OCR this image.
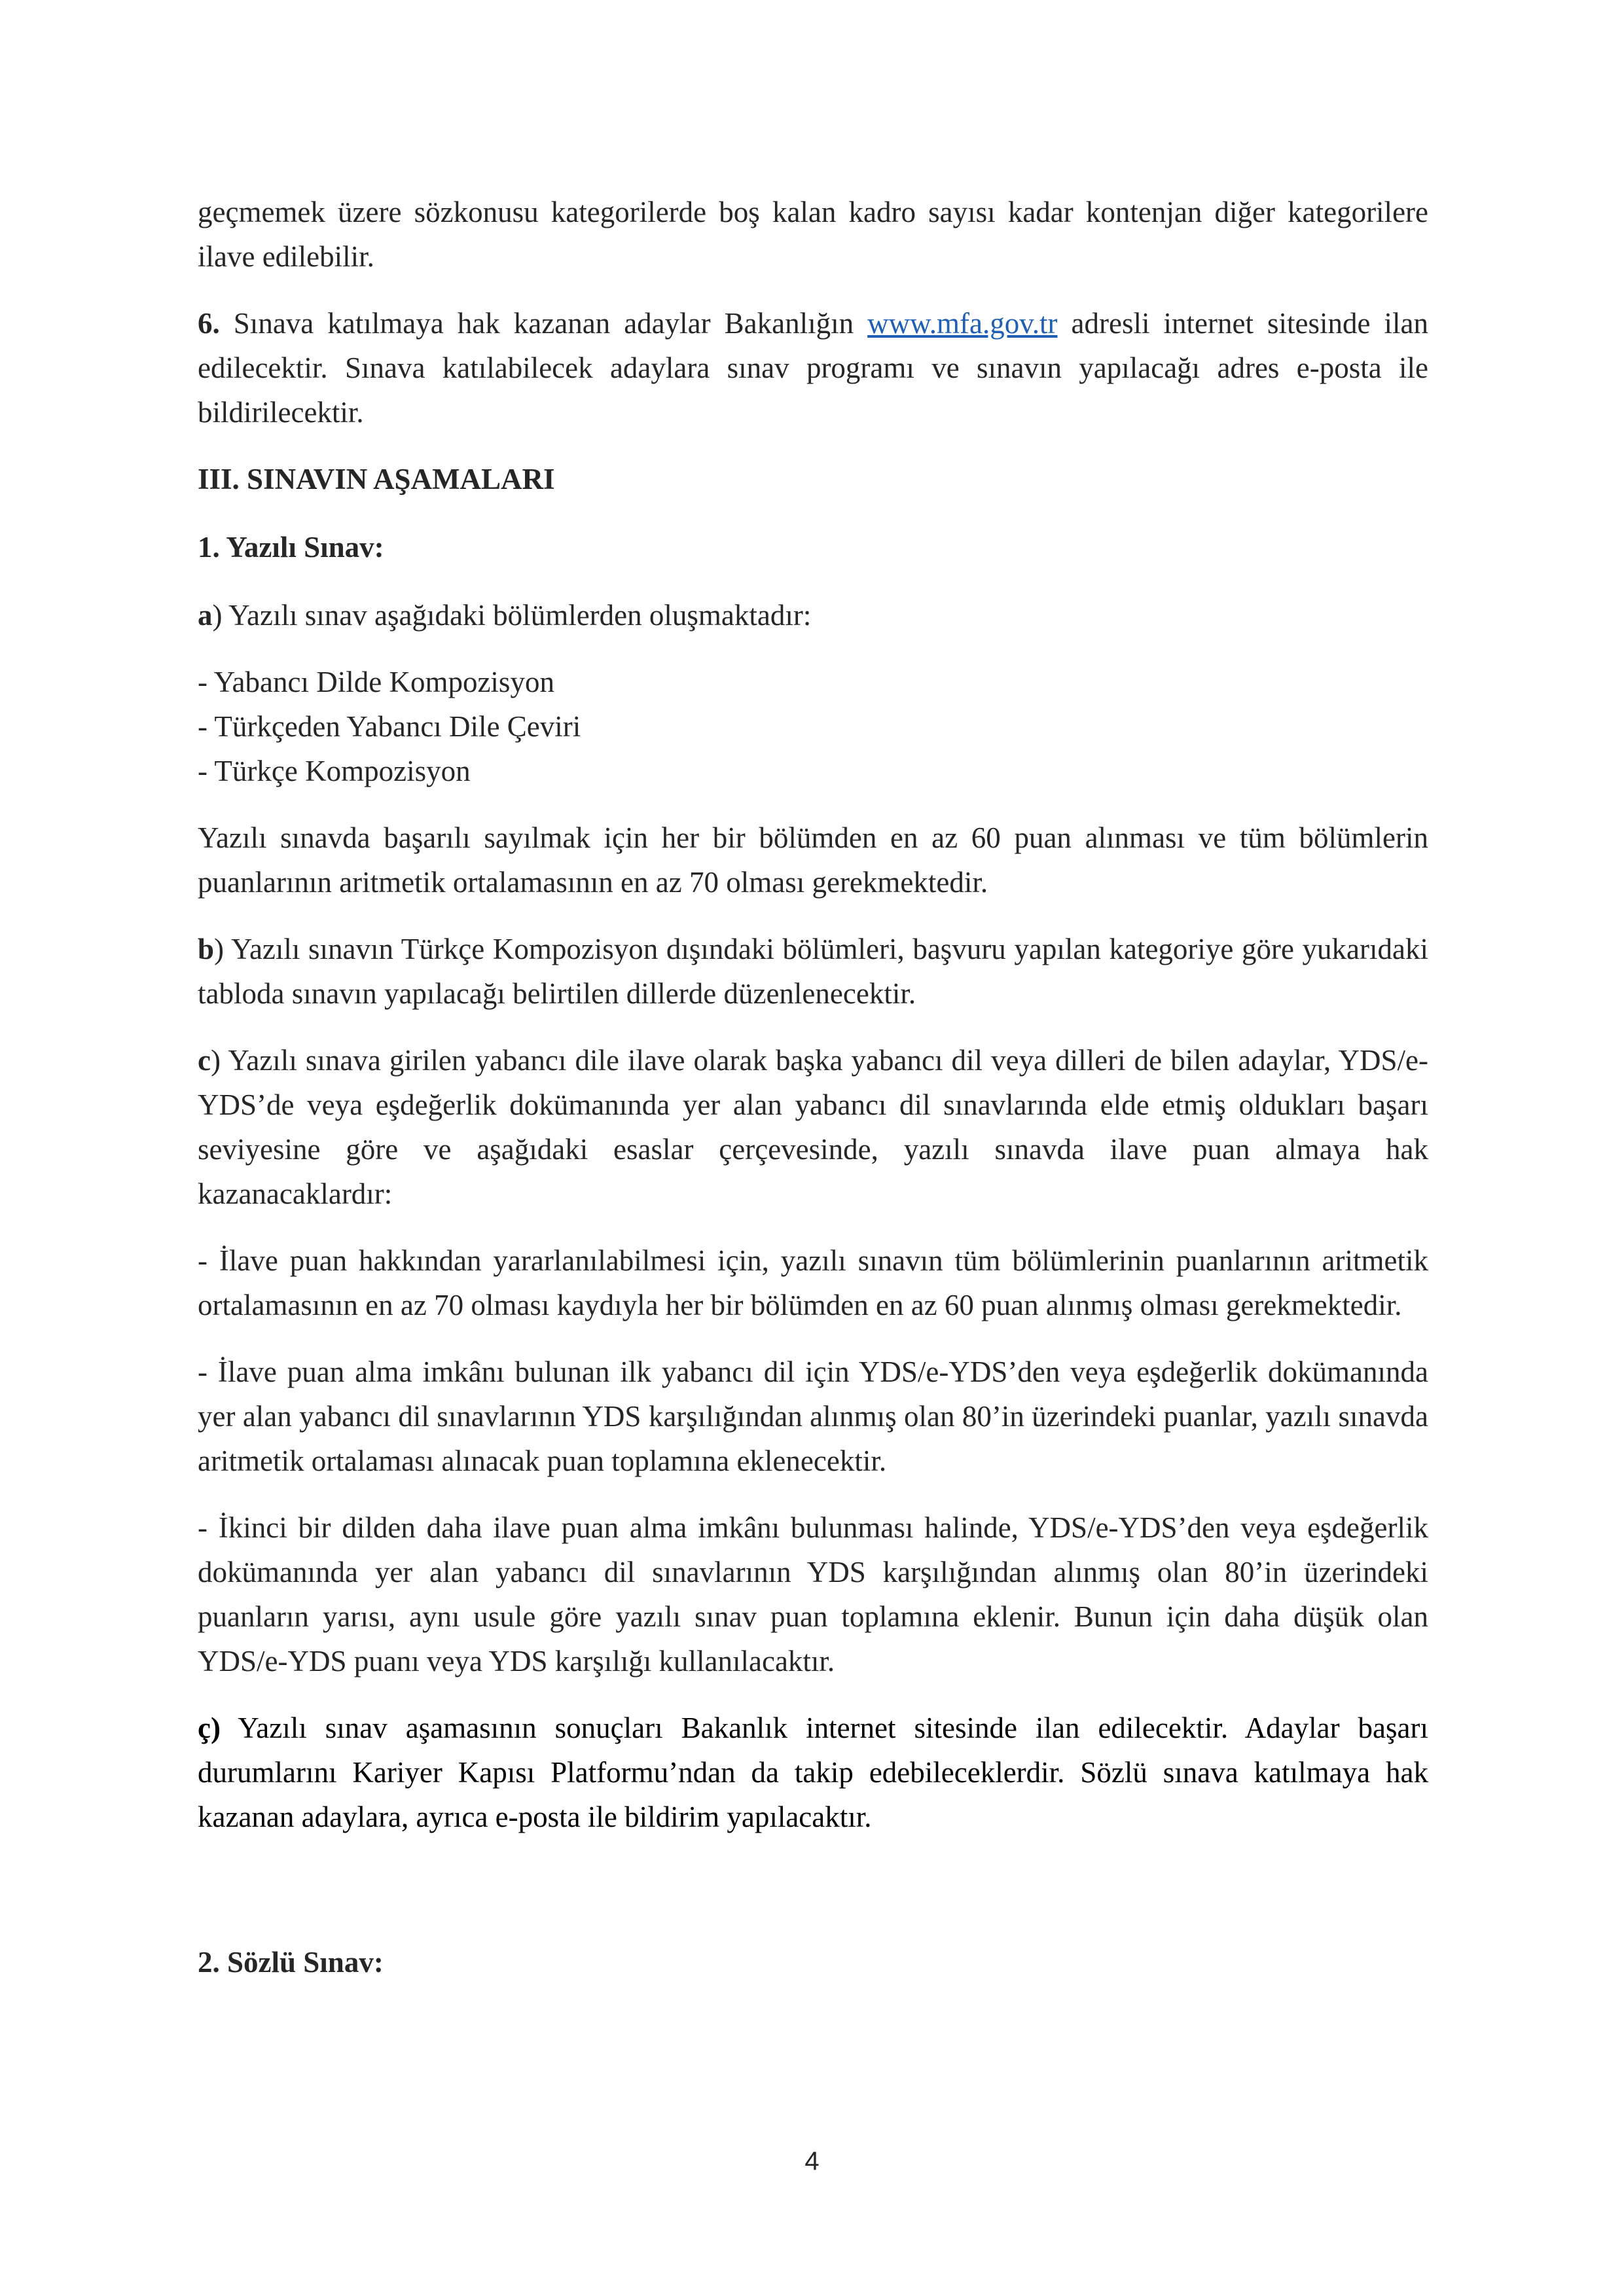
geçmemek üzere sözkonusu kategorilerde boş kalan kadro sayısı kadar kontenjan diğer kategorilere ilave edilebilir.

6. Sınava katılmaya hak kazanan adaylar Bakanlığın www.mfa.gov.tr adresli internet sitesinde ilan edilecektir. Sınava katılabilecek adaylara sınav programı ve sınavın yapılacağı adres e-posta ile bildirilecektir.

III. SINAVIN AŞAMALARI

1. Yazılı Sınav:

a) Yazılı sınav aşağıdaki bölümlerden oluşmaktadır:

- Yabancı Dilde Kompozisyon
- Türkçeden Yabancı Dile Çeviri
- Türkçe Kompozisyon

Yazılı sınavda başarılı sayılmak için her bir bölümden en az 60 puan alınması ve tüm bölümlerin puanlarının aritmetik ortalamasının en az 70 olması gerekmektedir.

b) Yazılı sınavın Türkçe Kompozisyon dışındaki bölümleri, başvuru yapılan kategoriye göre yukarıdaki tabloda sınavın yapılacağı belirtilen dillerde düzenlenecektir.

c) Yazılı sınava girilen yabancı dile ilave olarak başka yabancı dil veya dilleri de bilen adaylar, YDS/e-YDS’de veya eşdeğerlik dokümanında yer alan yabancı dil sınavlarında elde etmiş oldukları başarı seviyesine göre ve aşağıdaki esaslar çerçevesinde, yazılı sınavda ilave puan almaya hak kazanacaklardır:

- İlave puan hakkından yararlanılabilmesi için, yazılı sınavın tüm bölümlerinin puanlarının aritmetik ortalamasının en az 70 olması kaydıyla her bir bölümden en az 60 puan alınmış olması gerekmektedir.

- İlave puan alma imkânı bulunan ilk yabancı dil için YDS/e-YDS’den veya eşdeğerlik dokümanında yer alan yabancı dil sınavlarının YDS karşılığından alınmış olan 80’in üzerindeki puanlar, yazılı sınavda aritmetik ortalaması alınacak puan toplamına eklenecektir.

- İkinci bir dilden daha ilave puan alma imkânı bulunması halinde, YDS/e-YDS’den veya eşdeğerlik dokümanında yer alan yabancı dil sınavlarının YDS karşılığından alınmış olan 80’in üzerindeki puanların yarısı, aynı usule göre yazılı sınav puan toplamına eklenir. Bunun için daha düşük olan YDS/e-YDS puanı veya YDS karşılığı kullanılacaktır.

ç) Yazılı sınav aşamasının sonuçları Bakanlık internet sitesinde ilan edilecektir. Adaylar başarı durumlarını Kariyer Kapısı Platformu’ndan da takip edebileceklerdir. Sözlü sınava katılmaya hak kazanan adaylara, ayrıca e-posta ile bildirim yapılacaktır.

2. Sözlü Sınav:

4
